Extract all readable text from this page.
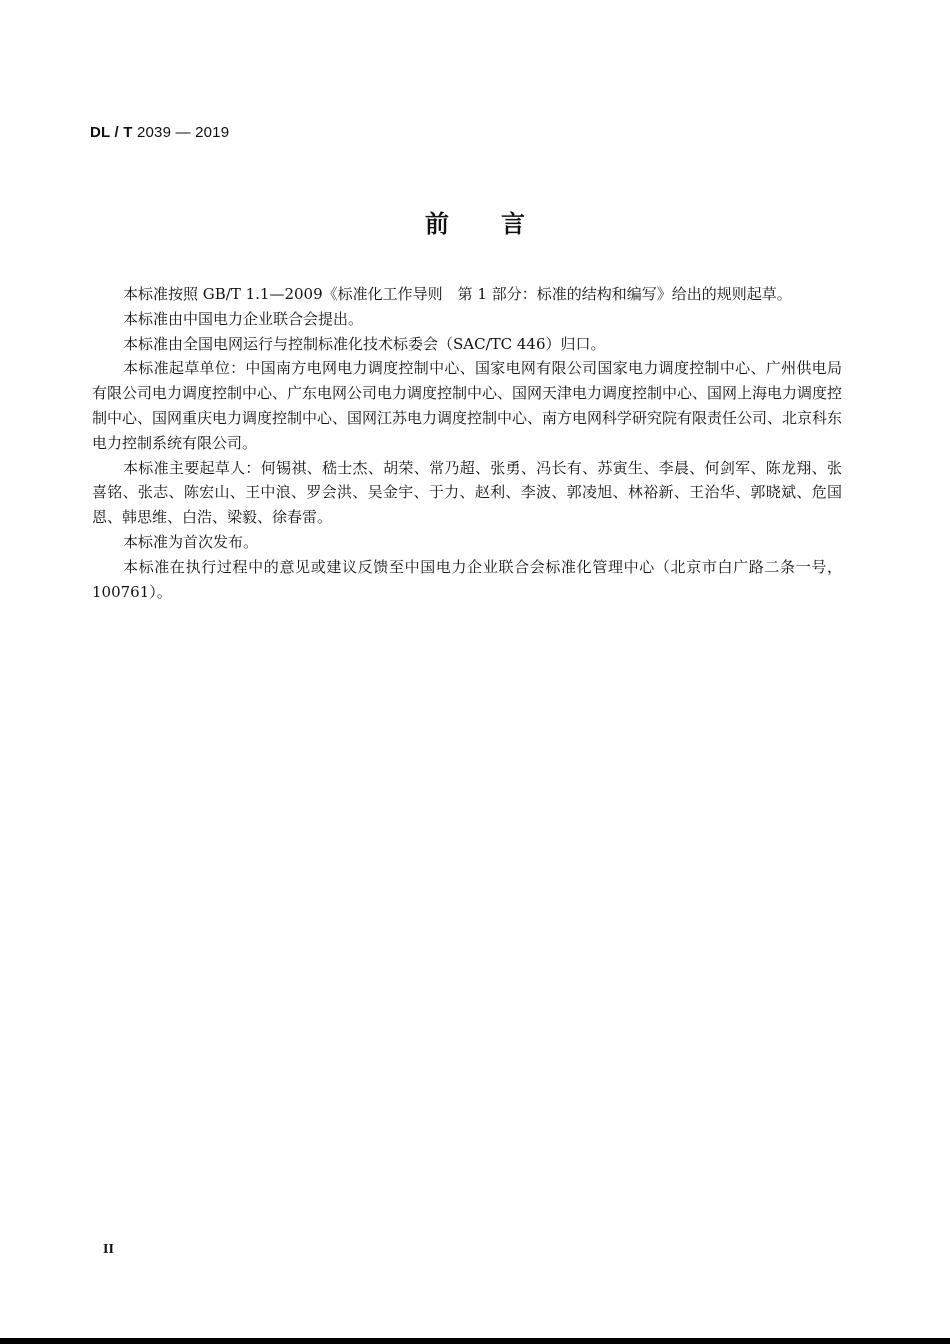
DL / T 2039 — 2019
前言

本标准按照 GB/T 1.1—2009《标准化工作导则　第 1 部分：标准的结构和编写》给出的规则起草。

本标准由中国电力企业联合会提出。

本标准由全国电网运行与控制标准化技术标委会（SAC/TC 446）归口。

本标准起草单位：中国南方电网电力调度控制中心、国家电网有限公司国家电力调度控制中心、广州供电局有限公司电力调度控制中心、广东电网公司电力调度控制中心、国网天津电力调度控制中心、国网上海电力调度控制中心、国网重庆电力调度控制中心、国网江苏电力调度控制中心、南方电网科学研究院有限责任公司、北京科东电力控制系统有限公司。

本标准主要起草人：何锡祺、嵇士杰、胡荣、常乃超、张勇、冯长有、苏寅生、李晨、何剑军、陈龙翔、张喜铭、张志、陈宏山、王中浪、罗会洪、吴金宇、于力、赵利、李波、郭凌旭、林裕新、王治华、郭晓斌、危国恩、韩思维、白浩、梁毅、徐春雷。

本标准为首次发布。

本标准在执行过程中的意见或建议反馈至中国电力企业联合会标准化管理中心（北京市白广路二条一号，100761）。

II
